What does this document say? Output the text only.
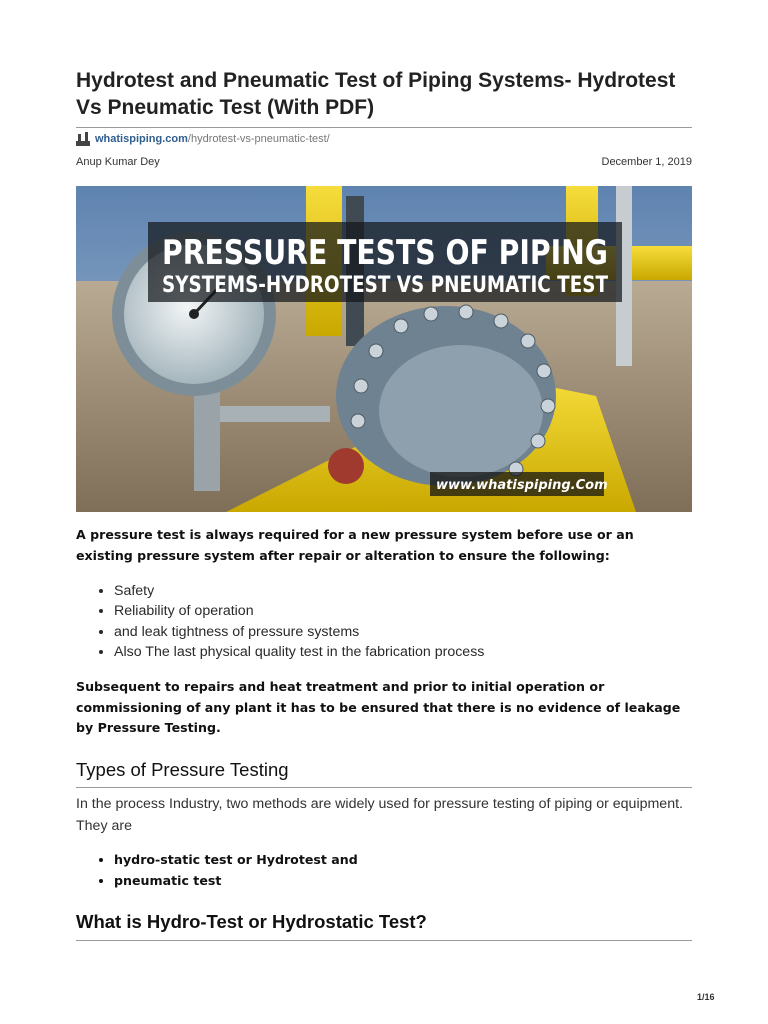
Hydrotest and Pneumatic Test of Piping Systems- Hydrotest Vs Pneumatic Test (With PDF)
whatispiping.com /hydrotest-vs-pneumatic-test/
Anup Kumar Dey	December 1, 2019
PRESSURE TESTS OF PIPING
SYSTEMS-HYDROTEST VS PNEUMATIC TEST
www.whatispiping.Com

A pressure test is always required for a new pressure system before use or an existing pressure system after repair or alteration to ensure the following:

• Safety
• Reliability of operation
• and leak tightness of pressure systems
• Also The last physical quality test in the fabrication process

Subsequent to repairs and heat treatment and prior to initial operation or commissioning of any plant it has to be ensured that there is no evidence of leakage by Pressure Testing.

Types of Pressure Testing

In the process Industry, two methods are widely used for pressure testing of piping or equipment. They are

• hydro-static test or Hydrotest and
• pneumatic test
What is Hydro-Test or Hydrostatic Test?
1/16
